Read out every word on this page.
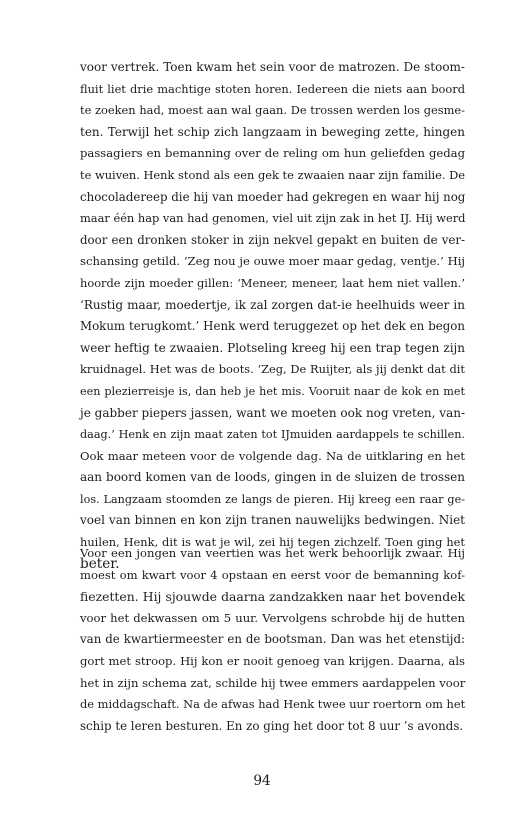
voor vertrek. Toen kwam het sein voor de matrozen. De stoom-
fluit liet drie machtige stoten horen. Iedereen die niets aan boord
te zoeken had, moest aan wal gaan. De trossen werden los gesme-
ten. Terwijl het schip zich langzaam in beweging zette, hingen
passagiers en bemanning over de reling om hun geliefden gedag
te wuiven. Henk stond als een gek te zwaaien naar zijn familie. De
chocoladereep die hij van moeder had gekregen en waar hij nog
maar één hap van had genomen, viel uit zijn zak in het IJ. Hij werd
door een dronken stoker in zijn nekvel gepakt en buiten de ver-
schansing getild. ‘Zeg nou je ouwe moer maar gedag, ventje.’ Hij
hoorde zijn moeder gillen: ‘Meneer, meneer, laat hem niet vallen.’
‘Rustig maar, moedertje, ik zal zorgen dat-ie heelhuids weer in
Mokum terugkomt.’ Henk werd teruggezet op het dek en begon
weer heftig te zwaaien. Plotseling kreeg hij een trap tegen zijn
kruidnagel. Het was de boots. ‘Zeg, De Ruijter, als jij denkt dat dit
een plezierreisje is, dan heb je het mis. Vooruit naar de kok en met
je gabber piepers jassen, want we moeten ook nog vreten, van-
daag.’ Henk en zijn maat zaten tot IJmuiden aardappels te schillen.
Ook maar meteen voor de volgende dag. Na de uitklaring en het
aan boord komen van de loods, gingen in de sluizen de trossen
los. Langzaam stoomden ze langs de pieren. Hij kreeg een raar ge-
voel van binnen en kon zijn tranen nauwelijks bedwingen. Niet
huilen, Henk, dit is wat je wil, zei hij tegen zichzelf. Toen ging het
beter.
Voor een jongen van veertien was het werk behoorlijk zwaar. Hij
moest om kwart voor 4 opstaan en eerst voor de bemanning kof-
fiezetten. Hij sjouwde daarna zandzakken naar het bovendek
voor het dekwassen om 5 uur. Vervolgens schrobde hij de hutten
van de kwartiermeester en de bootsman. Dan was het etenstijd:
gort met stroop. Hij kon er nooit genoeg van krijgen. Daarna, als
het in zijn schema zat, schilde hij twee emmers aardappelen voor
de middagschaft. Na de afwas had Henk twee uur roertorn om het
schip te leren besturen. En zo ging het door tot 8 uur ’s avonds.
94
